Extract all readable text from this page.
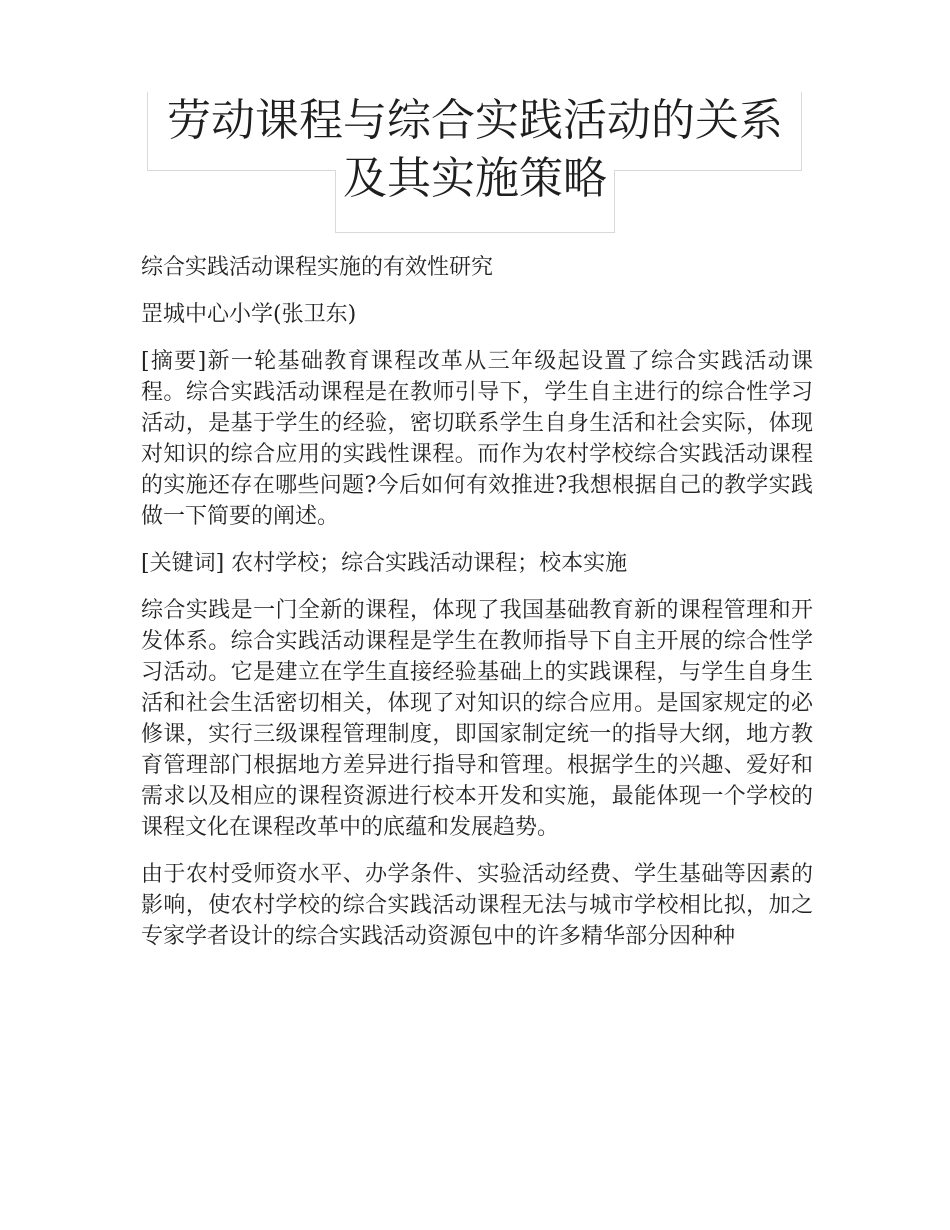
劳动课程与综合实践活动的关系
及其实施策略

综合实践活动课程实施的有效性研究

罡城中心小学(张卫东)

[摘要]新一轮基础教育课程改革从三年级起设置了综合实践活动课程。综合实践活动课程是在教师引导下，学生自主进行的综合性学习活动，是基于学生的经验，密切联系学生自身生活和社会实际，体现对知识的综合应用的实践性课程。而作为农村学校综合实践活动课程的实施还存在哪些问题?今后如何有效推进?我想根据自己的教学实践做一下简要的阐述。

[关键词] 农村学校；综合实践活动课程；校本实施

综合实践是一门全新的课程，体现了我国基础教育新的课程管理和开发体系。综合实践活动课程是学生在教师指导下自主开展的综合性学习活动。它是建立在学生直接经验基础上的实践课程，与学生自身生活和社会生活密切相关，体现了对知识的综合应用。是国家规定的必修课，实行三级课程管理制度，即国家制定统一的指导大纲，地方教育管理部门根据地方差异进行指导和管理。根据学生的兴趣、爱好和需求以及相应的课程资源进行校本开发和实施，最能体现一个学校的课程文化在课程改革中的底蕴和发展趋势。

由于农村受师资水平、办学条件、实验活动经费、学生基础等因素的影响，使农村学校的综合实践活动课程无法与城市学校相比拟，加之专家学者设计的综合实践活动资源包中的许多精华部分因种种
